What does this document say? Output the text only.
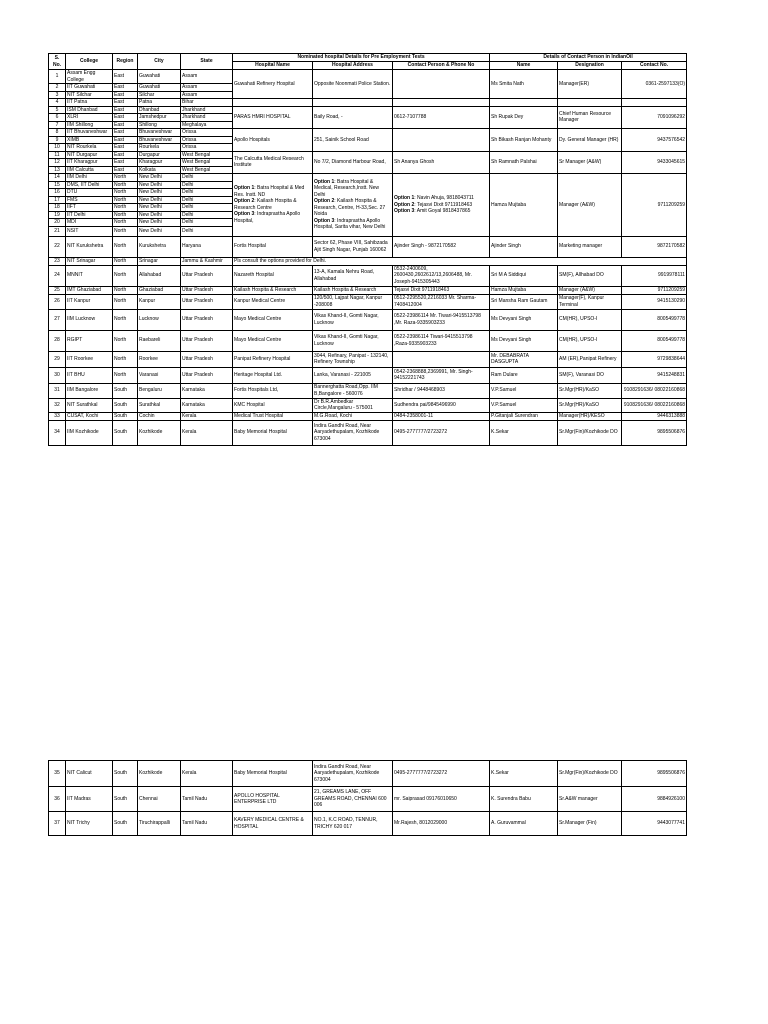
S. No.	College	Region	City	State	Nominated hospital Details for Pre Employment Tests			Details of Contact Person in IndianOil		
					Hospital Name	Hospital Address	Contact Person & Phone No	Name	Designation	Contact No.
1	Assam Engg College	East	Guwahati	Assam	Guwahati Refinery Hospital	Opposite Noonmati Police Station.		Ms Smita Nath	Manager(ER)	0361-2597133(O)
2	IIT Guwahati	East	Guwahati	Assam						
3	NIT Silchar	East	Silchar	Assam						
4	IIT Patna	East	Patna	Bihar						
5	ISM Dhanbad	East	Dhanbad	Jharkhand	PARAS HMRI HOSPITAL	Baily Road, -	0612-7107788	Sh Rupak Dey	Chief Human Resource Manager	7091096292
6	XLRI	East	Jamshedpur	Jharkhand						
7	IIM Shillong	East	Shillong	Meghalaya						
8	IIT Bhuvaneshwar	East	Bhuvaneshwar	Orissa	Apollo Hospitals	251, Sainik School Road		Sh Bikash Ranjan Mohanty	Dy. General Manager (HR)	9437576542
9	XIMB	East	Bhuvaneshwar	Orissa						
10	NIT Rourkela	East	Rourkela	Orissa						
11	NIT Durgapur	East	Durgapur	West Bengal	The Calcutta Medical Research Institute	No 7/2, Diamond Harbour Road,	Sh Ananya Ghosh	Sh Ramnath Palshai	Sr Manager (A&W)	9433045615
12	IIT Kharagpur	East	Kharagpur	West Bengal						
13	IIM Calcutta	East	Kolkata	West Bengal						
14	IIM Delhi	North	New Delhi	Delhi	Option 1: Batra Hospital & Med Res. Instt. ND
Option 2: Kailash Hospita & Research Centre
Option 3: Indraprastha Apollo Hospital,	Option 1: Batra Hospital & Medical, Research,Instt. New Delhi
Option 2: Kailash Hospita & Research, Centre, H-33,Sec. 27 Noida
Option 3: Indraprastha Apollo Hospital, Sarita vihar, New Delhi	Option 1: Navin Ahuja, 9818043711
Option 2: Tejasvi Dixit 9711918463
Option 3: Amit Goyal 9818437865	Hamza Mujtaba	Manager (A&W)	9711209259
15	DMS, IIT Delhi	North	New Delhi	Delhi						
16	DTU	North	New Delhi	Delhi						
17	FMS	North	New Delhi	Delhi						
18	IIFT	North	New Delhi	Delhi						
19	IIT Delhi	North	New Delhi	Delhi						
20	MDI	North	New Delhi	Delhi						
21	NSIT	North	New Delhi	Delhi						
22	NIT Kurukshetra	North	Kurukshetra	Haryana	Fortis Hospital	Sector 62, Phase VIII, Sahibzada Ajit Singh Nagar, Punjab 160062	Ajinder Singh - 9872170582	Ajinder Singh	Marketing manager	9872170582
23	NIT Srinagar	North	Srinagar	Jammu & Kashmir	Pls consult the options provided for Delhi.					
24	MNNIT	North	Allahabad	Uttar Pradesh	Nazareth Hospital	13-A, Kamala Nehru Road, Allahabad	0532-2400609, 2600430,2602612/13,2606488, Mr. Joseph-9415305443	Sri M A Siddiqui	SM(F), Allhabad DO	9919978111
25	IMT Ghaziabad	North	Ghaziabad	Uttar Pradesh	Kailash Hospita & Research	Kailash Hospita & Research	Tejasvi Dixit 9711918463	Hamza Mujtaba	Manager (A&W)	9711209259
26	IIT Kanpur	North	Kanpur	Uttar Pradesh	Kanpur Medical Centre	120/500, Lajpat Nagar, Kanpur -208008	0512-2295520,2216033 Mr. Sharma-7408412004	Sri Mansha Ram Gautam	Manager(F), Kanpur Terminal	9415130290
27	IIM Lucknow	North	Lucknow	Uttar Pradesh	Mayo Medical Centre	Vikas Khand-II, Gomti Nagar, Lucknow	0522-23986114 Mr. Tiwari-9415513798 ,Mr. Raza-9335903233	Ms Devyani Singh	CM(HR), UPSO-I	8005499778
28	RGIPT	North	Raebareli	Uttar Pradesh	Mayo Medical Centre	Vikas Khand-II, Gomti Nagar, Lucknow	0522-23986114 Tiwari-9415513798 ,Raza-9335903233	Ms Devyani Singh	CM(HR), UPSO-I	8005499778
29	IIT Roorkee	North	Roorkee	Uttar Pradesh	Panipat Refinery Hospital	3044, Refinary, Panipat - 132140, Refinery Township		Mr. DEBABRATA DASGUPTA	AM (ER),Panipat Refinery	9729838644
30	IIT BHU	North	Varanasi	Uttar Pradesh	Heritage Hospital Ltd.	Lanka, Varanasi - 221005	0542-2368888,2369991, Mr. Singh-94152221743	Ram Dulare	SM(F), Varanasi DO	9415248831
31	IIM Bangalore	South	Bengaluru	Karnataka	Fortis Hospitals Ltd,	Bannerghatta Road,Opp. IIM B,Bangalore - 560076	Shridhar / 9448468903	V.P.Samuel	Sr.Mgr(HR)/KaSO	9108291636/ 08022160868
32	NIT Surathkal	South	Surathkal	Karnataka	KMC Hospital	Dr B.R.Ambedkar Circle,Mangaluru - 575001	Sudhendra pai/9845496990	V.P.Samuel	Sr.Mgr(HR)/KaSO	9108291636/ 08022160868
33	CUSAT, Kochi	South	Cochin	Kerala	Medical Trust Hospital	M.G.Road, Kochi	0484-2358001-11	P.Gitanjali Surendran	Manager(HR)/KESO	9446313888
34	IIM Kozhikode	South	Kozhikode	Kerala	Baby Memorial Hospital	Indira Gandhi Road, Near Aaryadethupalam, Kozhikode 673004	0495-2777777/2723272	K.Sekar	Sr.Mgr(Fin)/Kozhikode DO	9895506876
35	NIT Calicut	South	Kozhikode	Kerala	Baby Memorial Hospital	Indira Gandhi Road, Near Aaryadethupalam, Kozhikode 673004	0495-2777777/2723272	K.Sekar	Sr.Mgr(Fin)/Kozhikode DO	9895506876
36	IIT Madras	South	Chennai	Tamil Nadu	APOLLO HOSPITAL ENTERPRISE LTD	21, GREAMS LANE, OFF GREAMS ROAD, CHENNAI 600 006	mr. Saiprasad 09176010650	K. Surendra Babu	Sr.A&W manager	9884926100
37	NIT Trichy	South	Tiruchirappalli	Tamil Nadu	KAVERY MEDICAL CENTRE & HOSPITAL	NO.1, K.C ROAD, TENNUR, TRICHY 620 017	Mr.Rajesh, 8012029000	A. Guruvammal	Sr.Manager (Fin)	9443077741
